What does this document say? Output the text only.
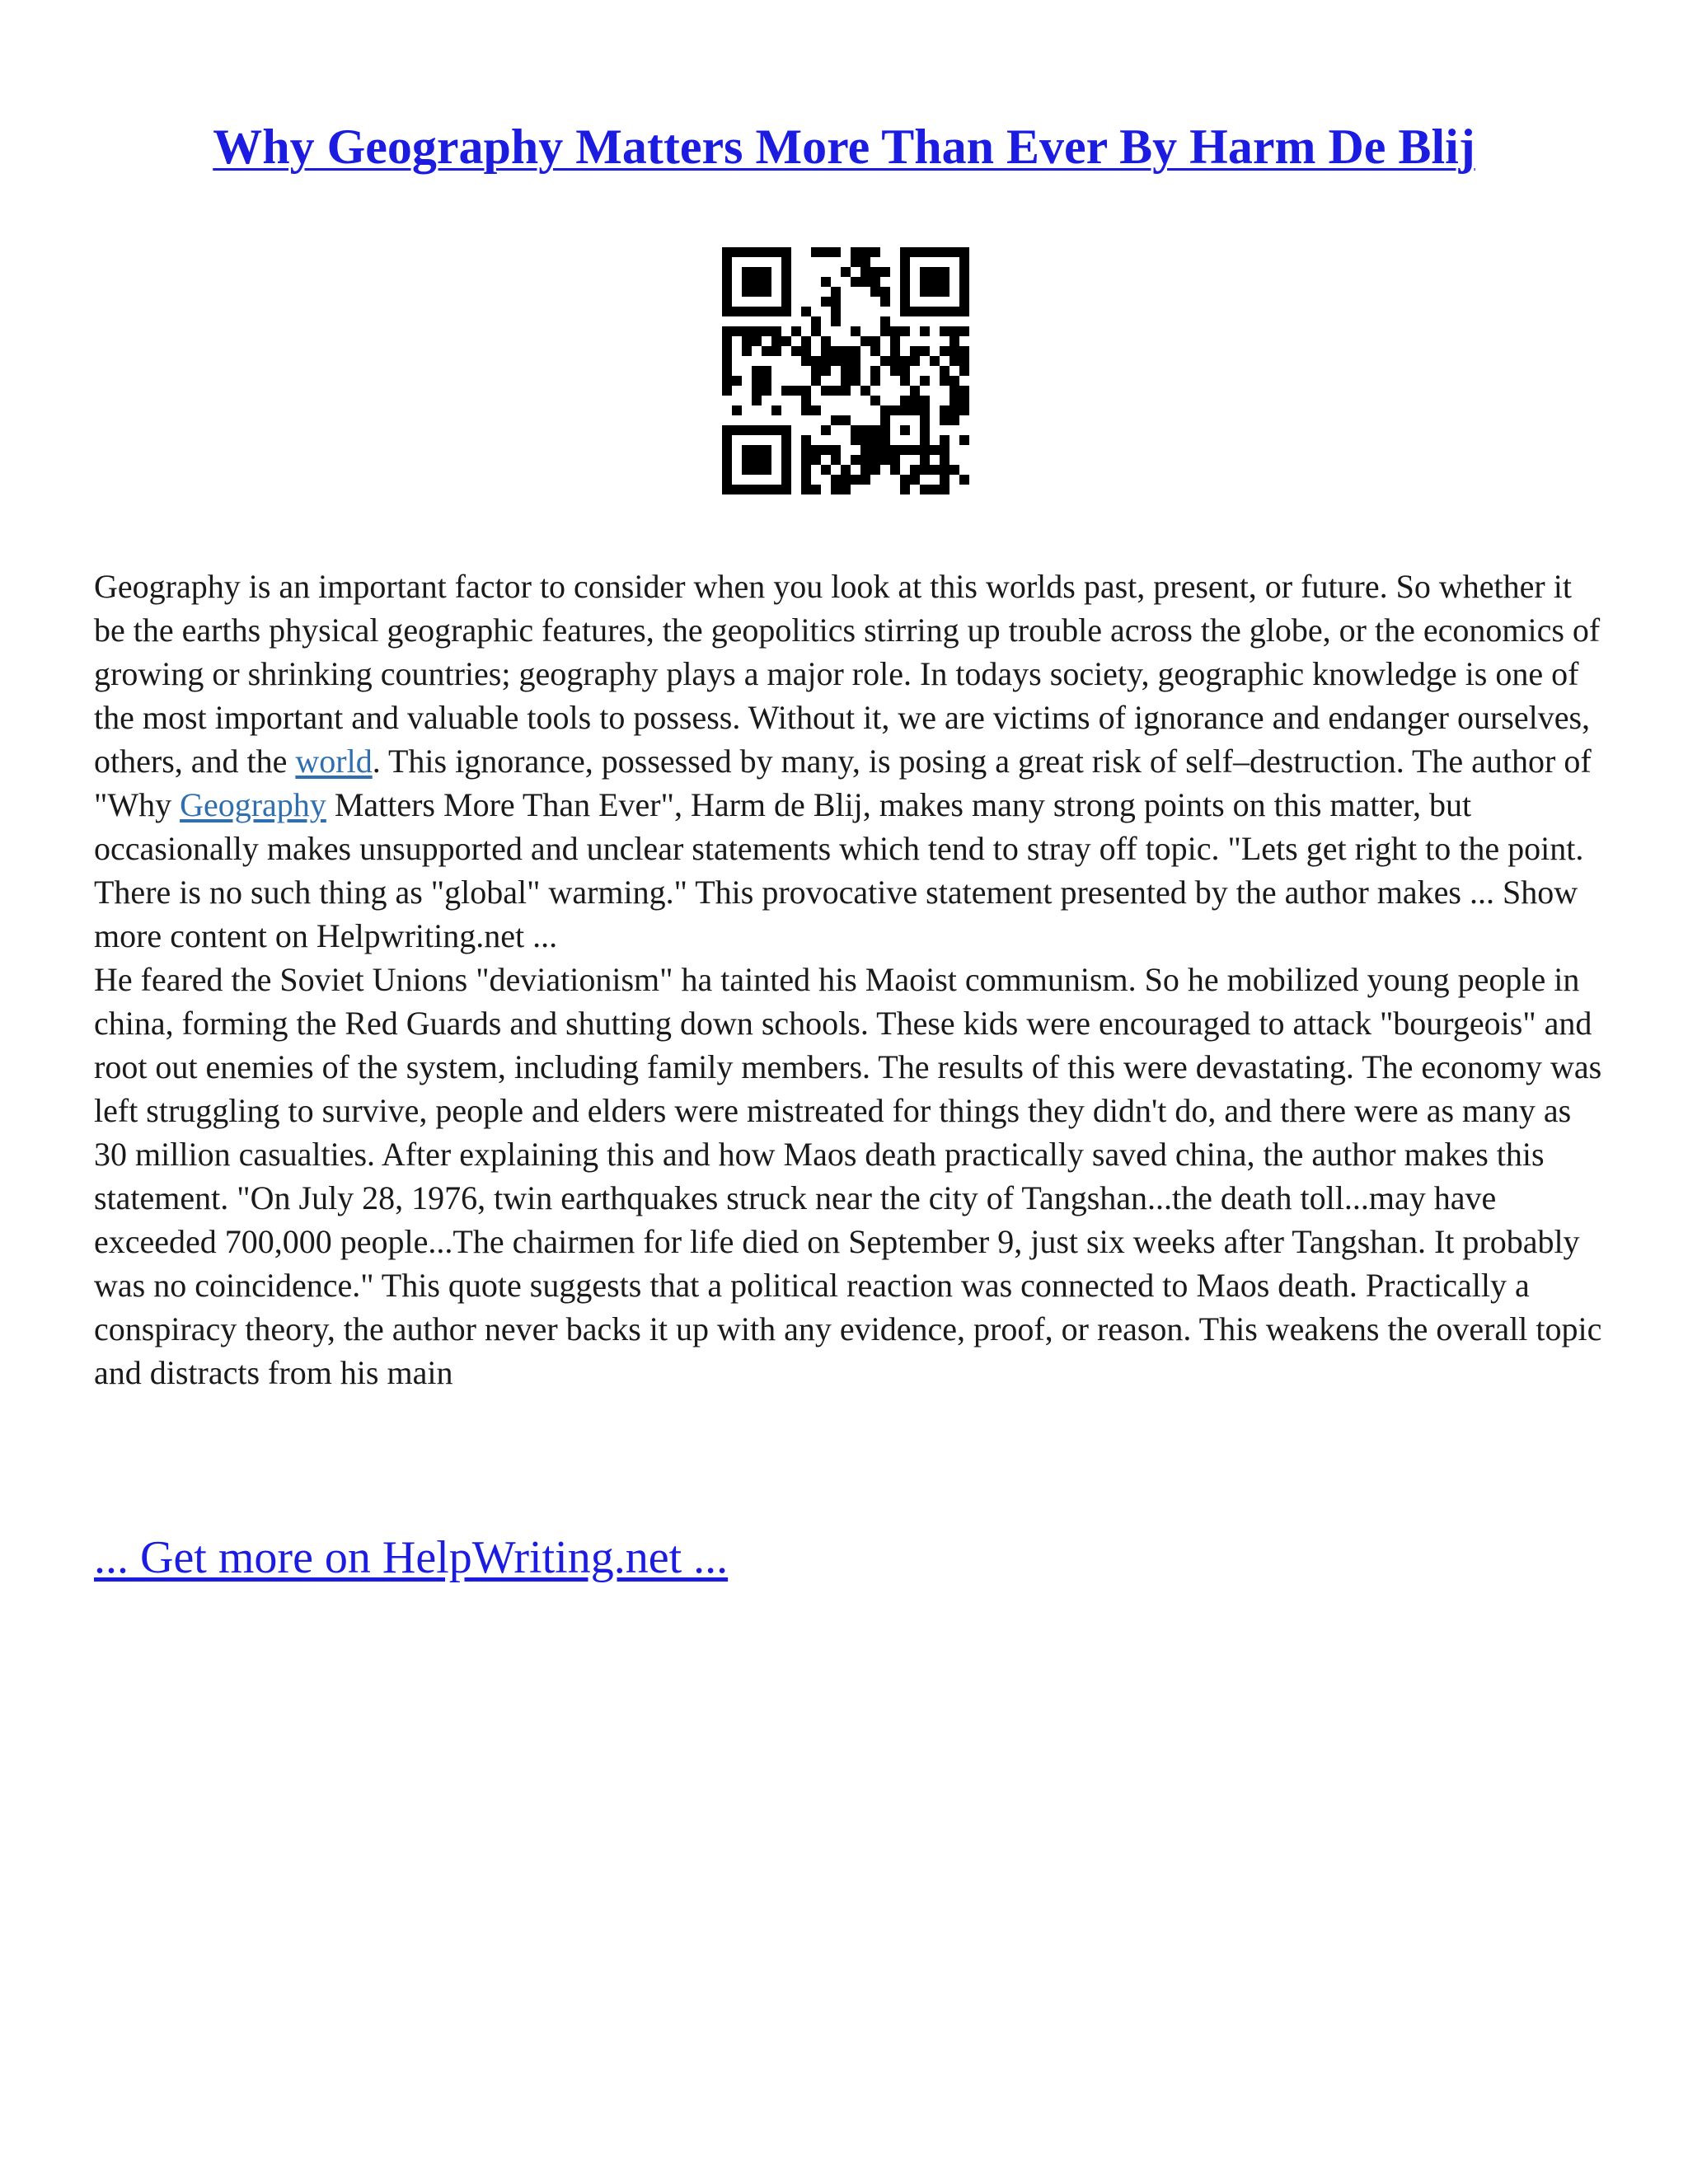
Why Geography Matters More Than Ever By Harm De Blij

Geography is an important factor to consider when you look at this worlds past, present, or future. So whether it be the earths physical geographic features, the geopolitics stirring up trouble across the globe, or the economics of growing or shrinking countries; geography plays a major role. In todays society, geographic knowledge is one of the most important and valuable tools to possess. Without it, we are victims of ignorance and endanger ourselves, others, and the world. This ignorance, possessed by many, is posing a great risk of self–destruction. The author of "Why Geography Matters More Than Ever", Harm de Blij, makes many strong points on this matter, but occasionally makes unsupported and unclear statements which tend to stray off topic. "Lets get right to the point. There is no such thing as "global" warming." This provocative statement presented by the author makes ... Show more content on Helpwriting.net ...

He feared the Soviet Unions "deviationism" ha tainted his Maoist communism. So he mobilized young people in china, forming the Red Guards and shutting down schools. These kids were encouraged to attack "bourgeois" and root out enemies of the system, including family members. The results of this were devastating. The economy was left struggling to survive, people and elders were mistreated for things they didn't do, and there were as many as 30 million casualties. After explaining this and how Maos death practically saved china, the author makes this statement. "On July 28, 1976, twin earthquakes struck near the city of Tangshan...the death toll...may have exceeded 700,000 people...The chairmen for life died on September 9, just six weeks after Tangshan. It probably was no coincidence." This quote suggests that a political reaction was connected to Maos death. Practically a conspiracy theory, the author never backs it up with any evidence, proof, or reason. This weakens the overall topic and distracts from his main

... Get more on HelpWriting.net ...
